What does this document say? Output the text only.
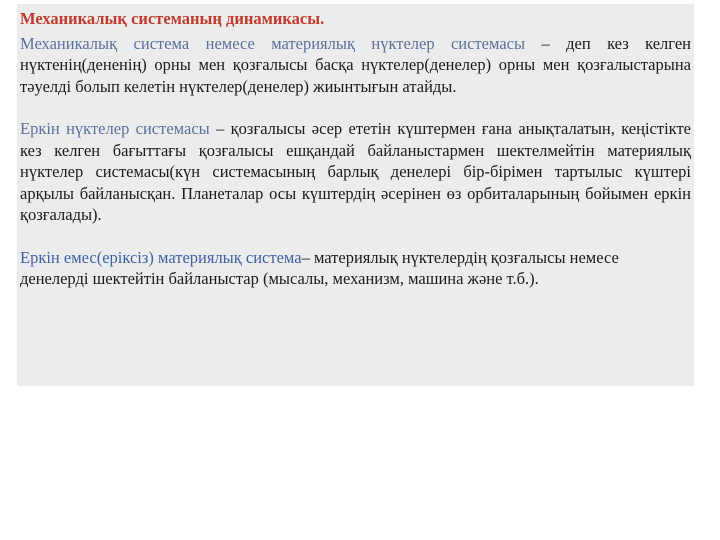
Механикалық системаның динамикасы.

Механикалық система немесе материялық нүктелер системасы – деп кез келген нүктенің(дененің) орны мен қозғалысы басқа нүктелер(денелер) орны мен қозғалыстарына тәуелді болып келетін нүктелер(денелер) жиынтығын атайды.

Еркін нүктелер системасы – қозғалысы әсер ететін күштермен ғана анықталатын, кеңістікте кез келген бағыттағы қозғалысы ешқандай байланыстармен шектелмейтін материялық нүктелер системасы(күн системасының барлық денелері бір-бірімен тартылыс күштері арқылы байланысқан. Планеталар осы күштердің әсерінен өз орбиталарының бойымен еркін қозғалады).

Еркін емес(еріксіз) материялық система– материялық нүктелердің қозғалысы немесе денелерді шектейтін байланыстар (мысалы, механизм, машина және т.б.).
